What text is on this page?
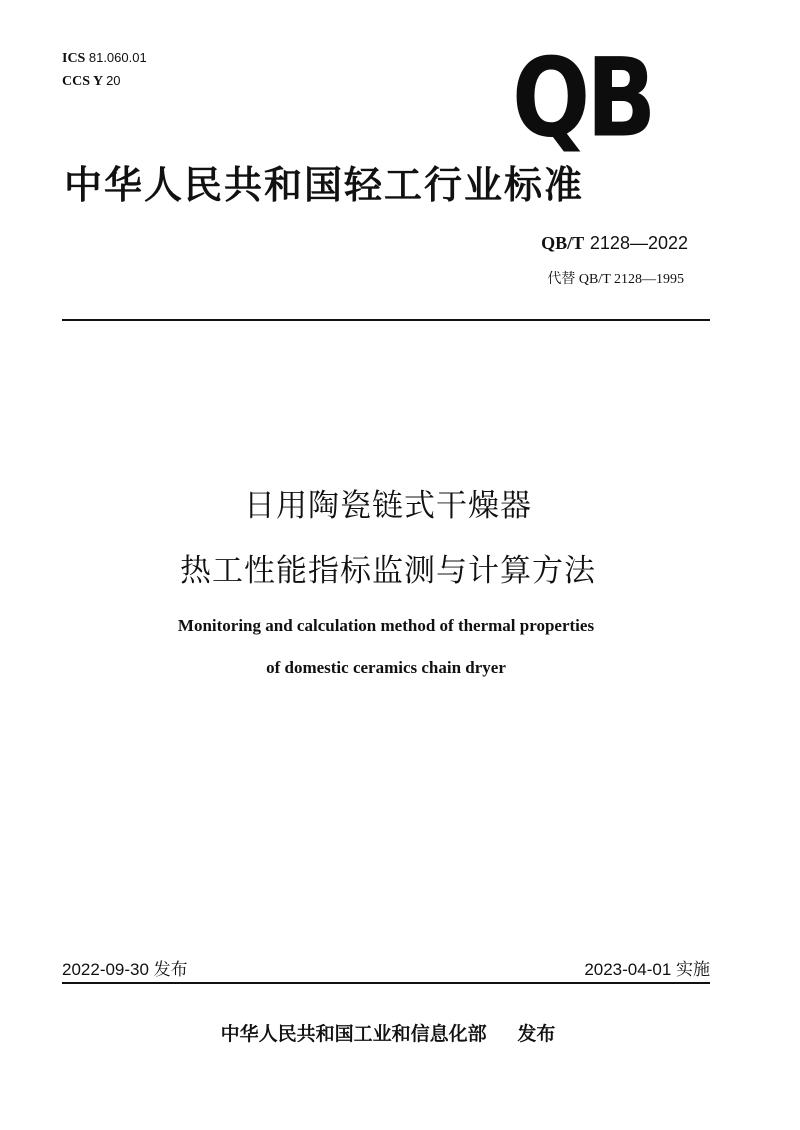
ICS 81.060.01
CCS Y 20	QB
中华人民共和国轻工行业标准
QB/T 2128—2022
代替 QB/T 2128—1995
日用陶瓷链式干燥器
热工性能指标监测与计算方法
Monitoring and calculation method of thermal properties
of domestic ceramics chain dryer
2022-09-30 发布	2023-04-01 实施
中华人民共和国工业和信息化部 发布
